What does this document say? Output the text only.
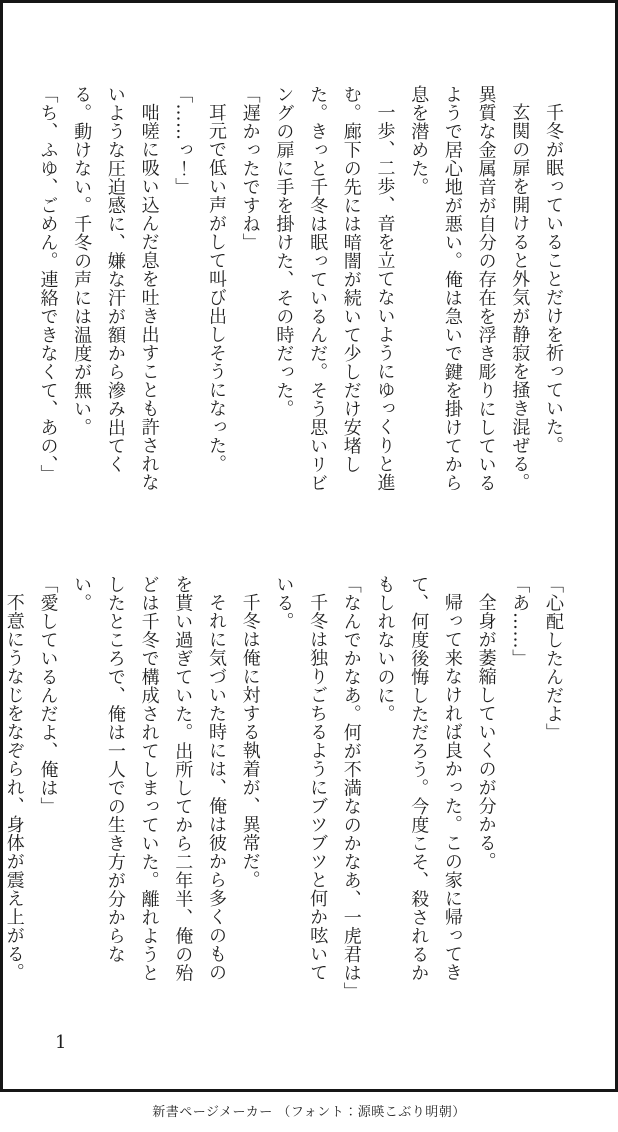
千冬が眠っていることだけを祈っていた。

玄関の扉を開けると外気が静寂を掻き混ぜる。異質な金属音が自分の存在を浮き彫りにしているようで居心地が悪い。俺は急いで鍵を掛けてから息を潜めた。

一歩、二歩、音を立てないようにゆっくりと進む。廊下の先には暗闇が続いて少しだけ安堵した。きっと千冬は眠っているんだ。そう思いリビングの扉に手を掛けた、その時だった。

「遅かったですね」

耳元で低い声がして叫び出しそうになった。

「……っ！」

咄嗟に吸い込んだ息を吐き出すことも許されないような圧迫感に、嫌な汗が額から滲み出てくる。動けない。千冬の声には温度が無い。

「ち、ふゆ、ごめん。連絡できなくて、あの、」

「心配したんだよ」

「あ……」

全身が萎縮していくのが分かる。

帰って来なければ良かった。この家に帰ってきて、何度後悔しただろう。今度こそ、殺されるかもしれないのに。

「なんでかなあ。何が不満なのかなあ、一虎君は」

千冬は独りごちるようにブツブツと何か呟いている。

千冬は俺に対する執着が、異常だ。

それに気づいた時には、俺は彼から多くのものを貰い過ぎていた。出所してから二年半、俺の殆どは千冬で構成されてしまっていた。離れようとしたところで、俺は一人での生き方が分からない。

「愛しているんだよ、俺は」

不意にうなじをなぞられ、身体が震え上がる。

1
新書ページメーカー （フォント：源暎こぶり明朝）
